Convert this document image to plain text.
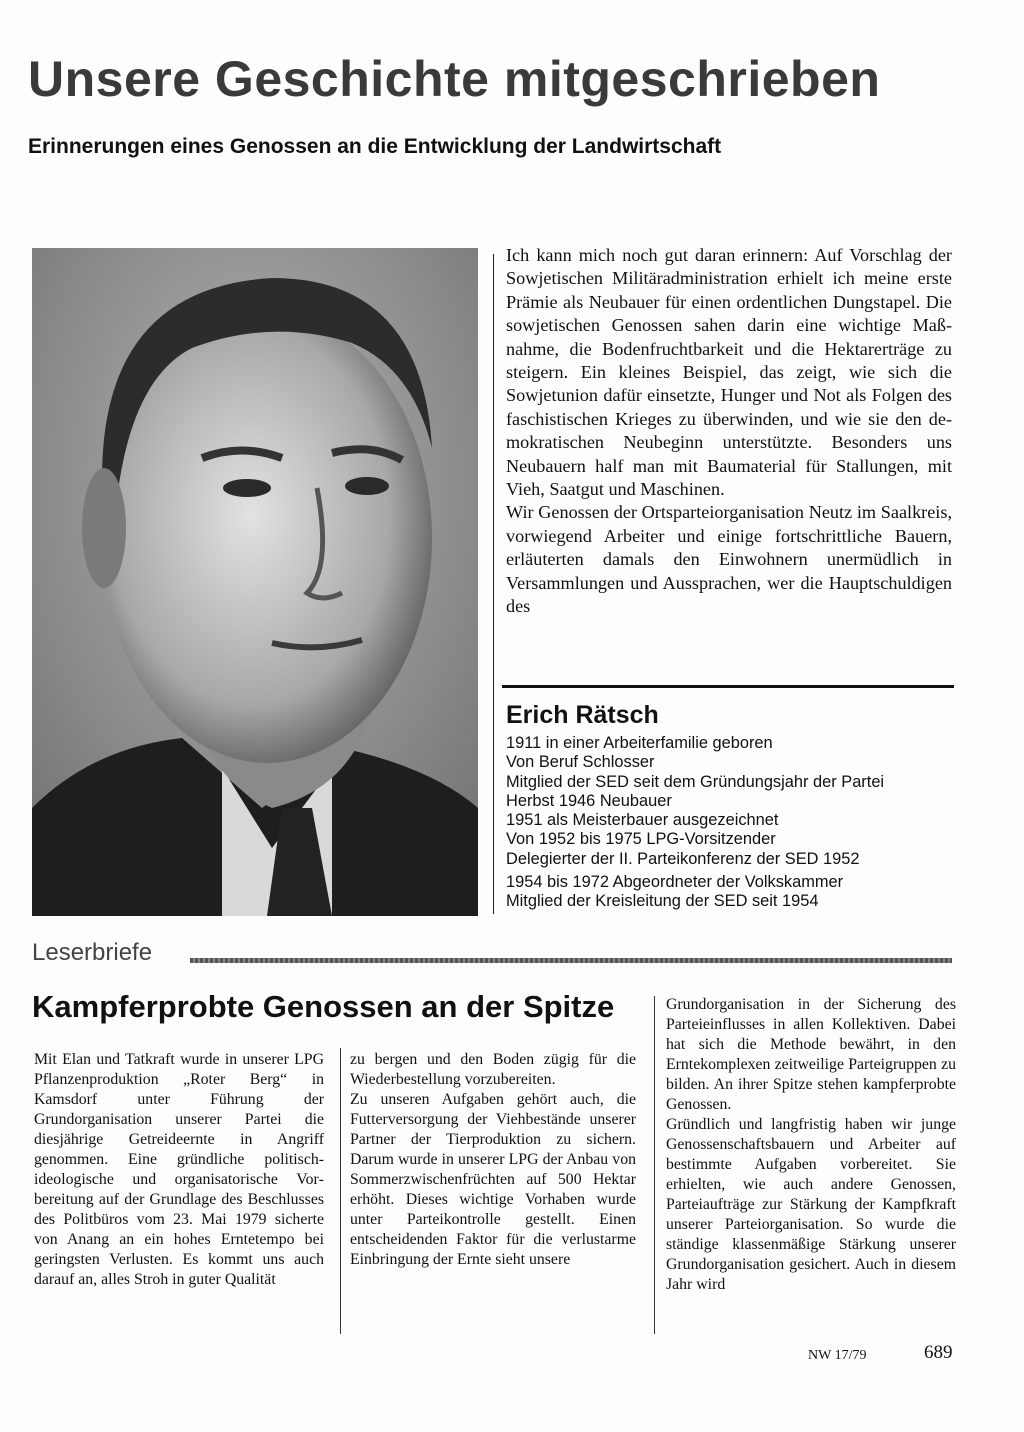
Unsere Geschichte mitgeschrieben
Erinnerungen eines Genossen an die Entwicklung der Landwirtschaft

Ich kann mich noch gut daran erinnern: Auf Vorschlag der Sowjetischen Militäradministration erhielt ich meine erste Prämie als Neubauer für einen ordentlichen Dungstapel. Die sowjetischen Genossen sahen darin eine wichtige Maßnahme, die Bodenfruchtbarkeit und die Hektarerträge zu steigern. Ein kleines Beispiel, das zeigt, wie sich die Sowjetunion dafür einsetzte, Hunger und Not als Folgen des faschistischen Krieges zu überwinden, und wie sie den demokratischen Neubeginn unterstützte. Besonders uns Neubauern half man mit Baumaterial für Stallungen, mit Vieh, Saatgut und Maschinen.

Wir Genossen der Ortsparteiorganisation Neutz im Saalkreis, vorwiegend Arbeiter und einige fortschrittliche Bauern, erläuterten damals den Einwohnern unermüdlich in Versammlungen und Aussprachen, wer die Hauptschuldigen des

Erich Rätsch
1911 in einer Arbeiterfamilie geboren
Von Beruf Schlosser
Mitglied der SED seit dem Gründungsjahr der Partei
Herbst 1946 Neubauer
1951 als Meisterbauer ausgezeichnet
Von 1952 bis 1975 LPG-Vorsitzender
Delegierter der II. Parteikonferenz der SED 1952
1954 bis 1972 Abgeordneter der Volkskammer
Mitglied der Kreisleitung der SED seit 1954
Leserbriefe
Kampferprobte Genossen an der Spitze

Mit Elan und Tatkraft wurde in unserer LPG Pflanzenproduktion „Roter Berg“ in Kamsdorf unter Führung der Grundorganisation unserer Partei die diesjährige Getreideernte in Angriff genommen. Eine gründliche politisch-ideologische und organisatorische Vorbereitung auf der Grundlage des Beschlusses des Politbüros vom 23. Mai 1979 sicherte von Anang an ein hohes Erntetempo bei geringsten Verlusten. Es kommt uns auch darauf an, alles Stroh in guter Qualität

zu bergen und den Boden zügig für die Wiederbestellung vorzubereiten.

Zu unseren Aufgaben gehört auch, die Futterversorgung der Viehbestände unserer Partner der Tierproduktion zu sichern. Darum wurde in unserer LPG der Anbau von Sommerzwischenfrüchten auf 500 Hektar erhöht. Dieses wichtige Vorhaben wurde unter Parteikontrolle gestellt. Einen entscheidenden Faktor für die verlustarme Einbringung der Ernte sieht unsere

Grundorganisation in der Sicherung des Parteieinflusses in allen Kollektiven. Dabei hat sich die Methode bewährt, in den Erntekomplexen zeitweilige Parteigruppen zu bilden. An ihrer Spitze stehen kampferprobte Genossen.

Gründlich und langfristig haben wir junge Genossenschaftsbauern und Arbeiter auf bestimmte Aufgaben vorbereitet. Sie erhielten, wie auch andere Genossen, Parteiaufträge zur Stärkung der Kampfkraft unserer Parteiorganisation. So wurde die ständige klassenmäßige Stärkung unserer Grundorganisation gesichert. Auch in diesem Jahr wird

NW 17/79	689
